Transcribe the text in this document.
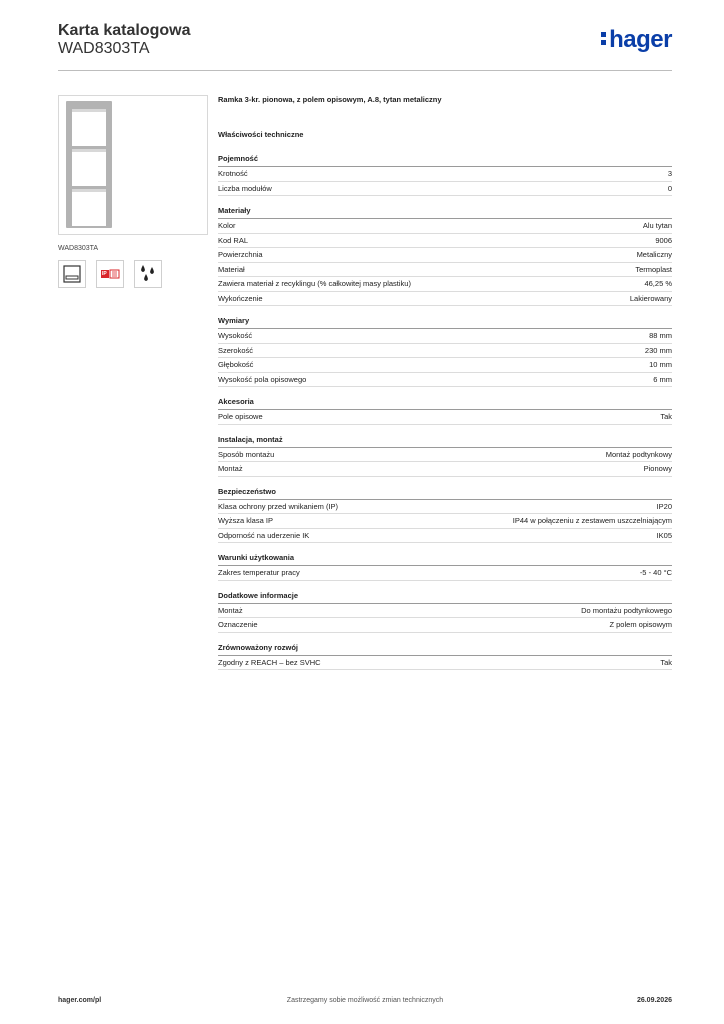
Karta katalogowa
WAD8303TA	hager
WAD8303TA
IP
Ramka 3-kr. pionowa, z polem opisowym, A.8, tytan metaliczny
Właściwości techniczne
Pojemność
Krotność	3
Liczba modułów	0
Materiały
Kolor	Alu tytan
Kod RAL	9006
Powierzchnia	Metaliczny
Materiał	Termoplast
Zawiera materiał z recyklingu (% całkowitej masy plastiku)	46,25 %
Wykończenie	Lakierowany
Wymiary
Wysokość	88 mm
Szerokość	230 mm
Głębokość	10 mm
Wysokość pola opisowego	6 mm
Akcesoria
Pole opisowe	Tak
Instalacja, montaż
Sposób montażu	Montaż podtynkowy
Montaż	Pionowy
Bezpieczeństwo
Klasa ochrony przed wnikaniem (IP)	IP20
Wyższa klasa IP	IP44 w połączeniu z zestawem uszczelniającym
Odporność na uderzenie IK	IK05
Warunki użytkowania
Zakres temperatur pracy	-5 - 40 °C
Dodatkowe informacje
Montaż	Do montażu podtynkowego
Oznaczenie	Z polem opisowym
Zrównoważony rozwój
Zgodny z REACH – bez SVHC	Tak
hager.com/pl	Zastrzegamy sobie możliwość zmian technicznych	26.09.2026
